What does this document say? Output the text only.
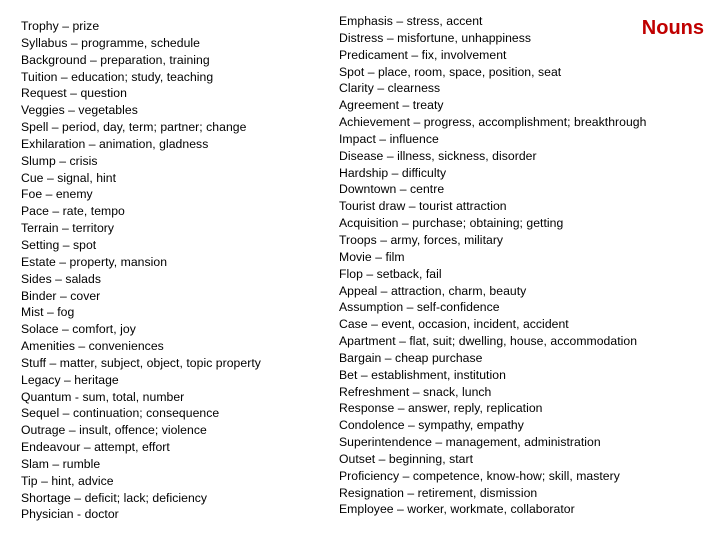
Nouns
Trophy – prize
Syllabus – programme, schedule
Background – preparation, training
Tuition – education; study, teaching
Request – question
Veggies – vegetables
Spell – period, day, term; partner; change
Exhilaration – animation, gladness
Slump – crisis
Cue – signal, hint
Foe – enemy
Pace – rate, tempo
Terrain – territory
Setting – spot
Estate – property, mansion
Sides – salads
Binder – cover
Mist – fog
Solace – comfort, joy
Amenities – conveniences
Stuff – matter, subject, object, topic property
Legacy – heritage
Quantum - sum, total, number
Sequel – continuation; consequence
Outrage – insult, offence; violence
Endeavour – attempt, effort
Slam – rumble
Tip – hint, advice
Shortage – deficit; lack; deficiency
Physician - doctor
Emphasis – stress, accent
Distress – misfortune, unhappiness
Predicament – fix, involvement
Spot – place, room, space, position, seat
Clarity – clearness
Agreement – treaty
Achievement – progress, accomplishment; breakthrough
Impact – influence
Disease – illness, sickness, disorder
Hardship – difficulty
Downtown – centre
Tourist draw – tourist attraction
Acquisition – purchase; obtaining; getting
Troops – army, forces, military
Movie – film
Flop – setback, fail
Appeal – attraction, charm, beauty
Assumption – self-confidence
Case – event, occasion, incident, accident
Apartment – flat, suit; dwelling, house, accommodation
Bargain – cheap purchase
Bet – establishment, institution
Refreshment – snack, lunch
Response – answer, reply, replication
Condolence – sympathy, empathy
Superintendence – management, administration
Outset – beginning, start
Proficiency – competence, know-how; skill, mastery
Resignation – retirement, dismission
Employee – worker, workmate, collaborator
